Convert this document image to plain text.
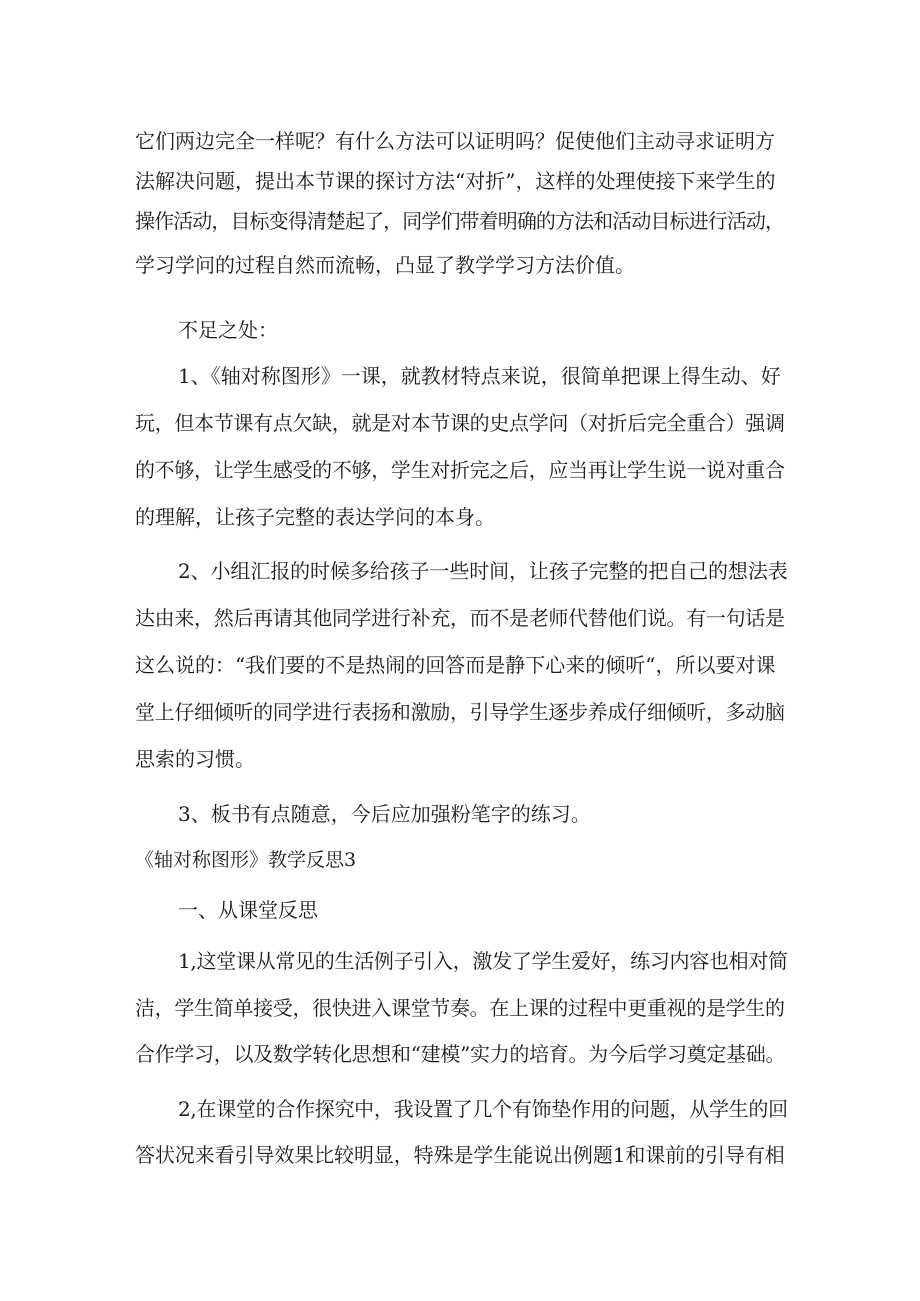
它们两边完全一样呢？有什么方法可以证明吗？促使他们主动寻求证明方
法解决问题，提出本节课的探讨方法“对折”，这样的处理使接下来学生的
操作活动，目标变得清楚起了，同学们带着明确的方法和活动目标进行活动，
学习学问的过程自然而流畅，凸显了教学学习方法价值。
不足之处：
1、《轴对称图形》一课，就教材特点来说，很简单把课上得生动、好
玩，但本节课有点欠缺，就是对本节课的史点学问（对折后完全重合）强调
的不够，让学生感受的不够，学生对折完之后，应当再让学生说一说对重合
的理解，让孩子完整的表达学问的本身。
2、小组汇报的时候多给孩子一些时间，让孩子完整的把自己的想法表
达由来，然后再请其他同学进行补充，而不是老师代替他们说。有一句话是
这么说的：“我们要的不是热闹的回答而是静下心来的倾听“，所以要对课
堂上仔细倾听的同学进行表扬和激励，引导学生逐步养成仔细倾听，多动脑
思索的习惯。
3、板书有点随意，今后应加强粉笔字的练习。
《轴对称图形》教学反思3
一、从课堂反思
1,这堂课从常见的生活例子引入，激发了学生爱好，练习内容也相对简
洁，学生简单接受，很快进入课堂节奏。在上课的过程中更重视的是学生的
合作学习，以及数学转化思想和“建模”实力的培育。为今后学习奠定基础。
2,在课堂的合作探究中，我设置了几个有饰垫作用的问题，从学生的回
答状况来看引导效果比较明显，特殊是学生能说出例题1和课前的引导有相
